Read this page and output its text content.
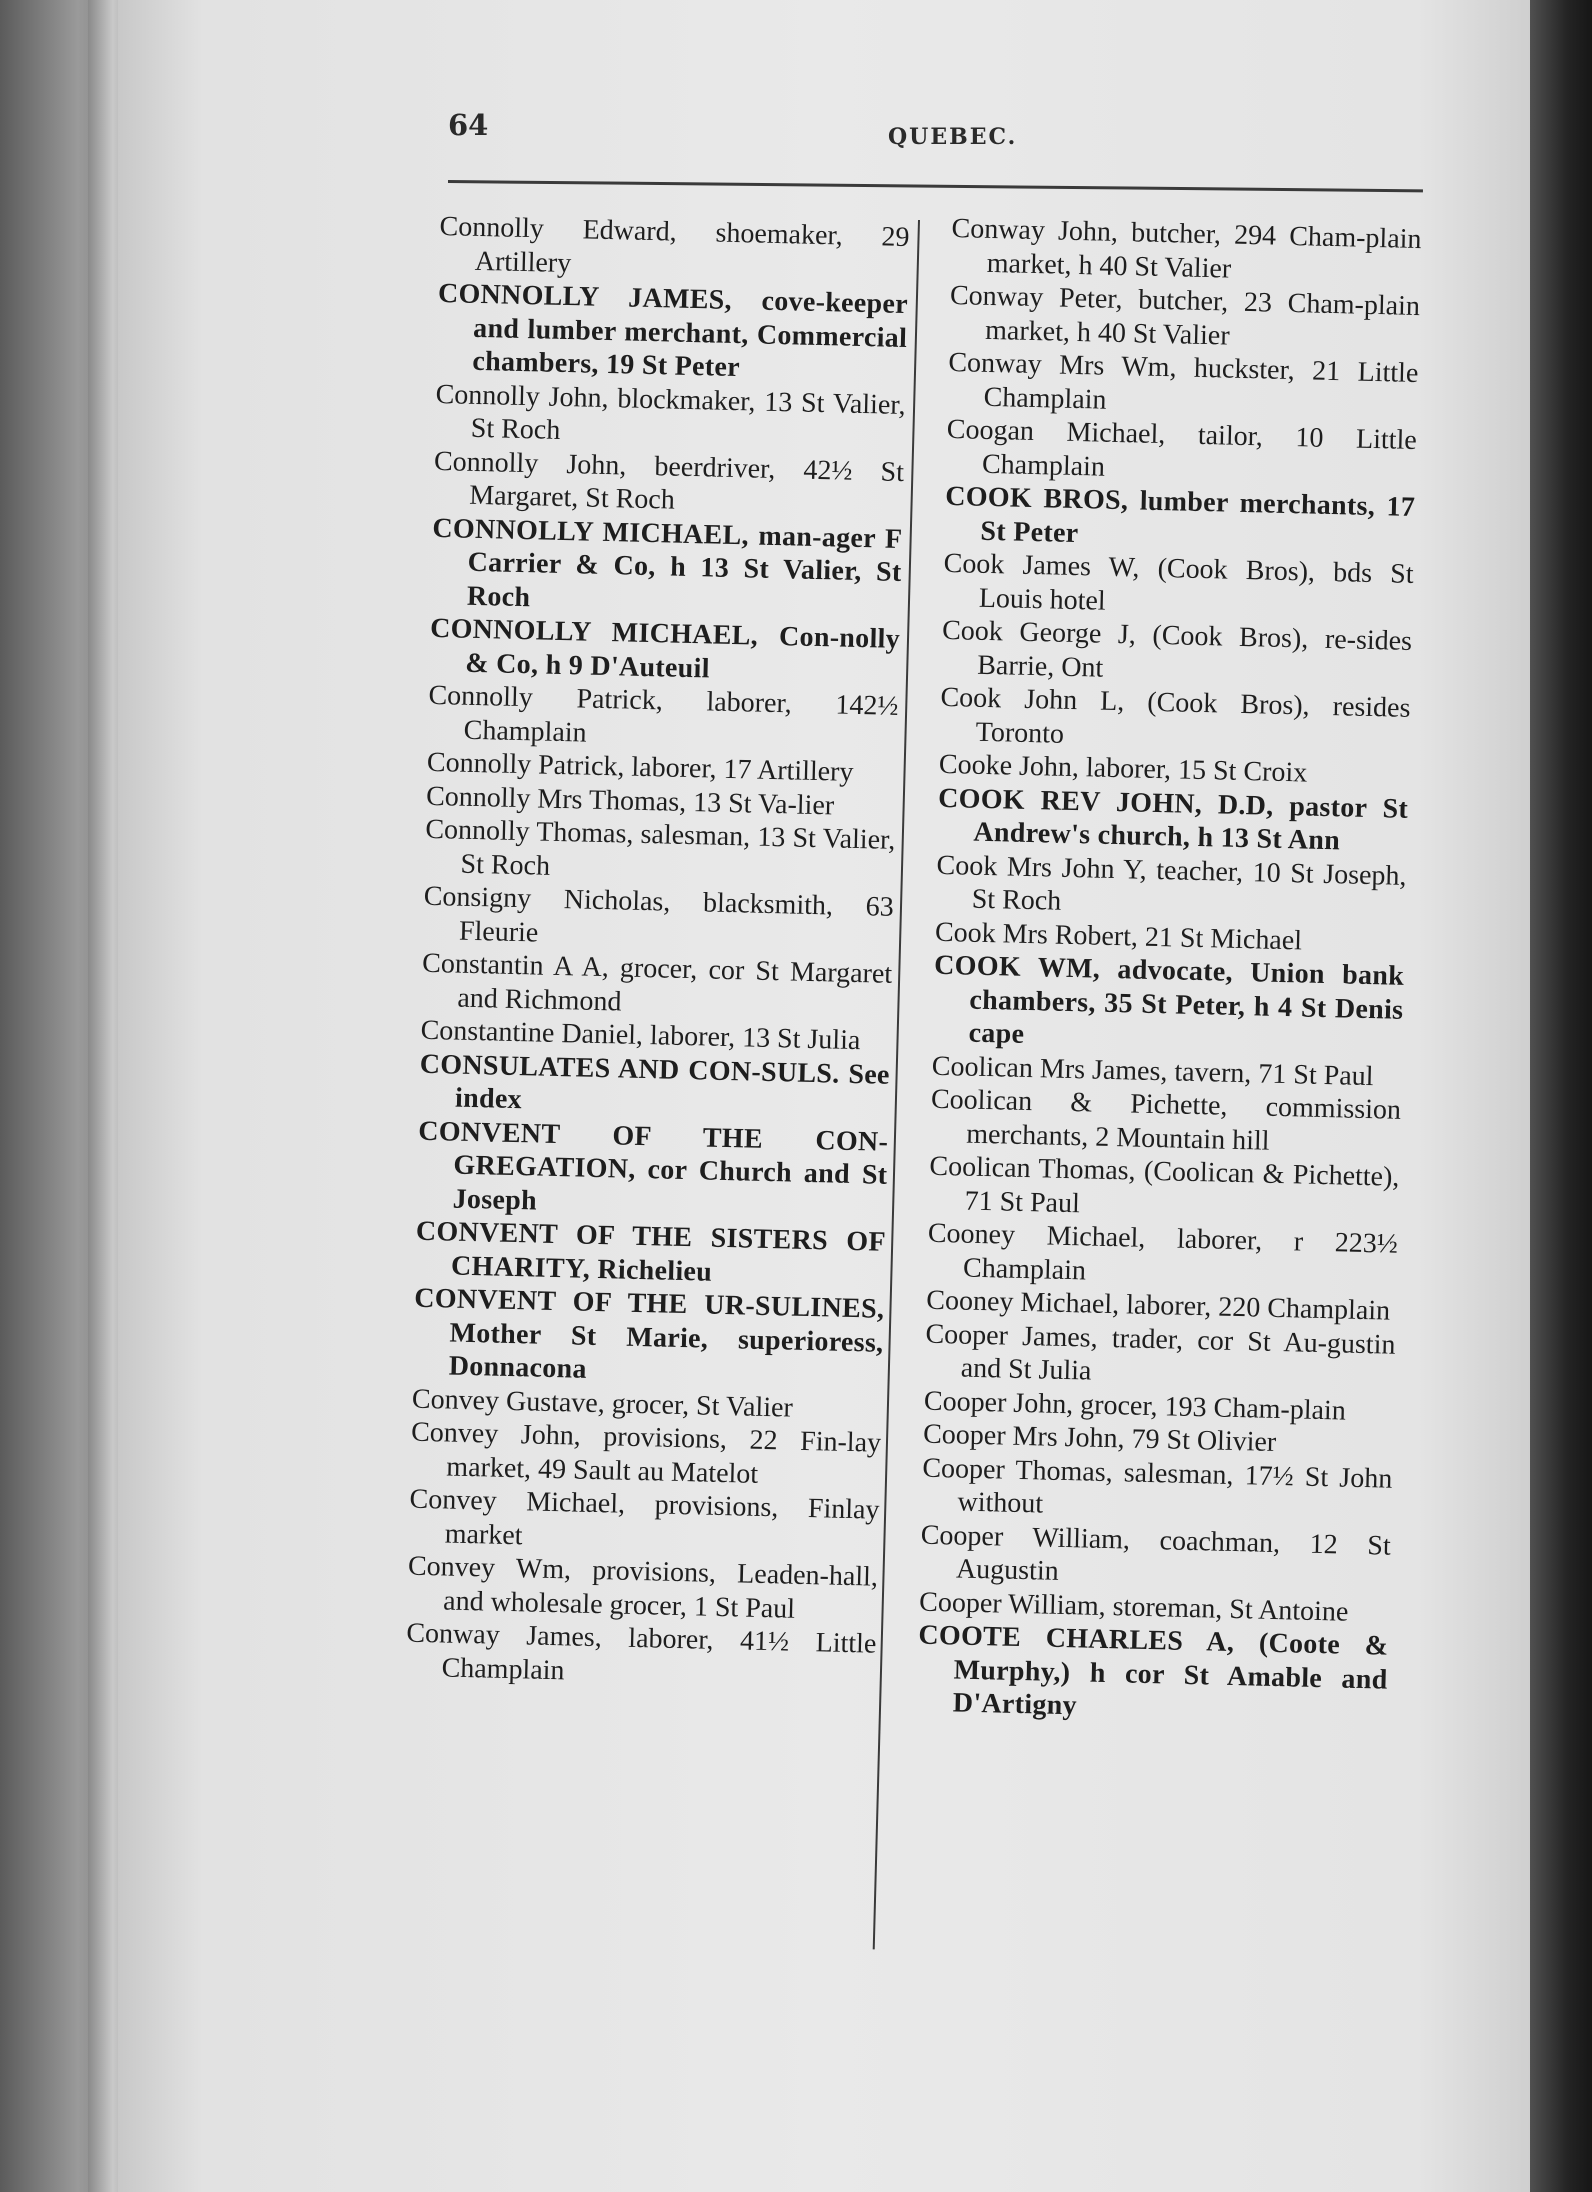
64	QUEBEC.

Connolly Edward, shoemaker, 29 Artillery

CONNOLLY JAMES, cove-keeper and lumber merchant, Commercial chambers, 19 St Peter

Connolly John, blockmaker, 13 St Valier, St Roch

Connolly John, beerdriver, 42½ St Margaret, St Roch

CONNOLLY MICHAEL, man-ager F Carrier & Co, h 13 St Valier, St Roch

CONNOLLY MICHAEL, Con-nolly & Co, h 9 D'Auteuil

Connolly Patrick, laborer, 142½ Champlain

Connolly Patrick, laborer, 17 Artillery

Connolly Mrs Thomas, 13 St Va-lier

Connolly Thomas, salesman, 13 St Valier, St Roch

Consigny Nicholas, blacksmith, 63 Fleurie

Constantin A A, grocer, cor St Margaret and Richmond

Constantine Daniel, laborer, 13 St Julia

CONSULATES AND CON-SULS. See index

CONVENT OF THE CON-GREGATION, cor Church and St Joseph

CONVENT OF THE SISTERS OF CHARITY, Richelieu

CONVENT OF THE UR-SULINES, Mother St Marie, superioress, Donnacona

Convey Gustave, grocer, St Valier

Convey John, provisions, 22 Fin-lay market, 49 Sault au Matelot

Convey Michael, provisions, Finlay market

Convey Wm, provisions, Leaden-hall, and wholesale grocer, 1 St Paul

Conway James, laborer, 41½ Little Champlain

Conway John, butcher, 294 Cham-plain market, h 40 St Valier

Conway Peter, butcher, 23 Cham-plain market, h 40 St Valier

Conway Mrs Wm, huckster, 21 Little Champlain

Coogan Michael, tailor, 10 Little Champlain

COOK BROS, lumber merchants, 17 St Peter

Cook James W, (Cook Bros), bds St Louis hotel

Cook George J, (Cook Bros), re-sides Barrie, Ont

Cook John L, (Cook Bros), resides Toronto

Cooke John, laborer, 15 St Croix

COOK REV JOHN, D.D, pastor St Andrew's church, h 13 St Ann

Cook Mrs John Y, teacher, 10 St Joseph, St Roch

Cook Mrs Robert, 21 St Michael

COOK WM, advocate, Union bank chambers, 35 St Peter, h 4 St Denis cape

Coolican Mrs James, tavern, 71 St Paul

Coolican & Pichette, commission merchants, 2 Mountain hill

Coolican Thomas, (Coolican & Pichette), 71 St Paul

Cooney Michael, laborer, r 223½ Champlain

Cooney Michael, laborer, 220 Champlain

Cooper James, trader, cor St Au-gustin and St Julia

Cooper John, grocer, 193 Cham-plain

Cooper Mrs John, 79 St Olivier

Cooper Thomas, salesman, 17½ St John without

Cooper William, coachman, 12 St Augustin

Cooper William, storeman, St Antoine

COOTE CHARLES A, (Coote & Murphy,) h cor St Amable and D'Artigny
